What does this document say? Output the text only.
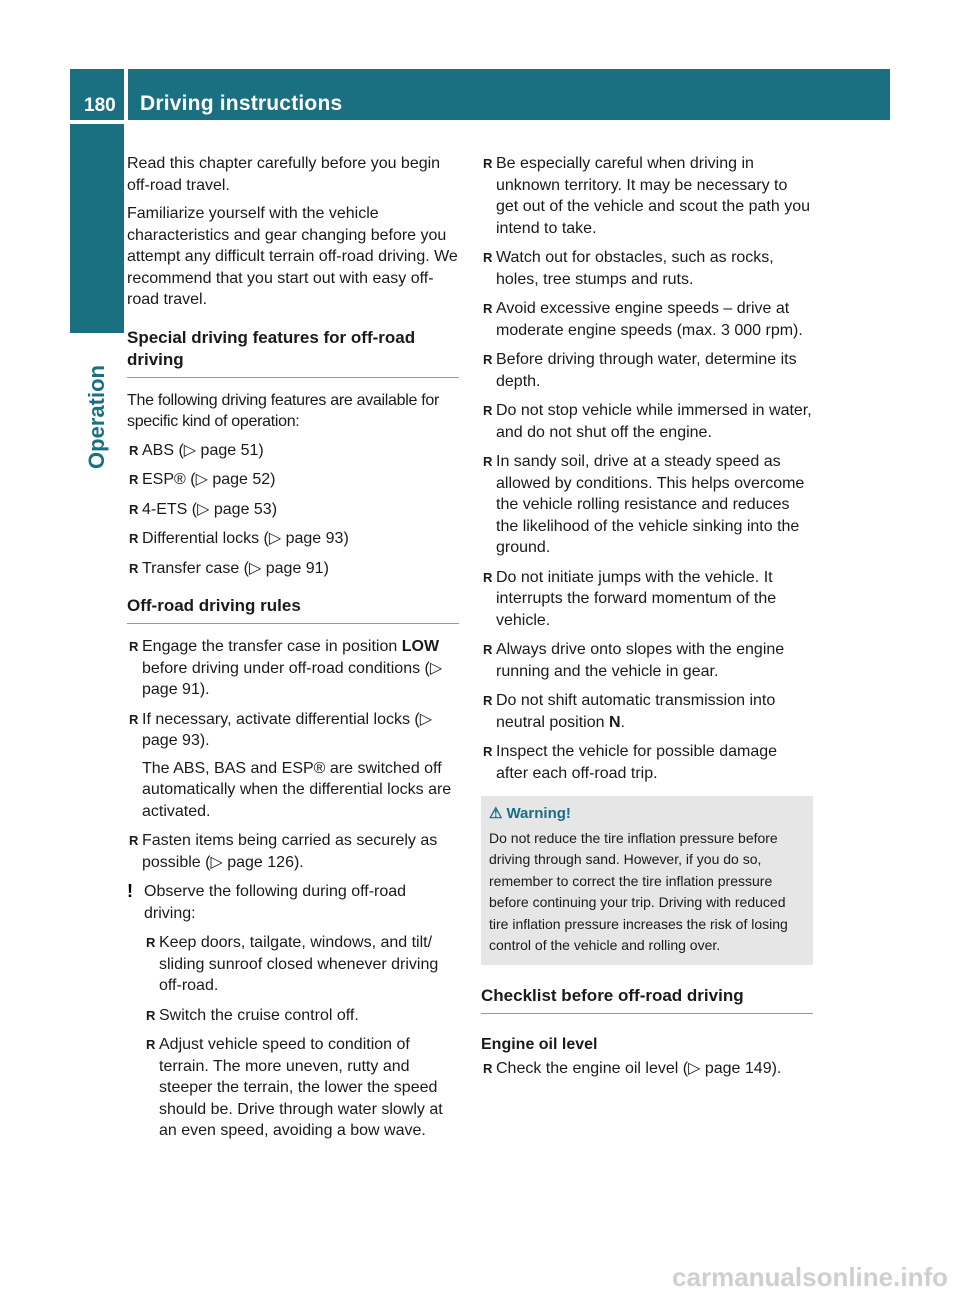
180	Driving instructions
Operation

Read this chapter carefully before you begin off-road travel.

Familiarize yourself with the vehicle characteristics and gear changing before you attempt any difficult terrain off-road driving. We recommend that you start out with easy off-road travel.

Special driving features for off-road driving

The following driving features are available for specific kind of operation:

R ABS (▷ page 51)
R ESP® (▷ page 52)
R 4-ETS (▷ page 53)
R Differential locks (▷ page 93)
R Transfer case (▷ page 91)
Off-road driving rules
R Engage the transfer case in position LOW before driving under off-road conditions (▷ page 91).
R If necessary, activate differential locks (▷ page 93).
The ABS, BAS and ESP® are switched off automatically when the differential locks are activated.
R Fasten items being carried as securely as possible (▷ page 126).
! Observe the following during off-road driving:
R Keep doors, tailgate, windows, and tilt/ sliding sunroof closed whenever driving off-road.
R Switch the cruise control off.
R Adjust vehicle speed to condition of terrain. The more uneven, rutty and steeper the terrain, the lower the speed should be. Drive through water slowly at an even speed, avoiding a bow wave.
R Be especially careful when driving in unknown territory. It may be necessary to get out of the vehicle and scout the path you intend to take.
R Watch out for obstacles, such as rocks, holes, tree stumps and ruts.
R Avoid excessive engine speeds – drive at moderate engine speeds (max. 3 000 rpm).
R Before driving through water, determine its depth.
R Do not stop vehicle while immersed in water, and do not shut off the engine.
R In sandy soil, drive at a steady speed as allowed by conditions. This helps overcome the vehicle rolling resistance and reduces the likelihood of the vehicle sinking into the ground.
R Do not initiate jumps with the vehicle. It interrupts the forward momentum of the vehicle.
R Always drive onto slopes with the engine running and the vehicle in gear.
R Do not shift automatic transmission into neutral position N.
R Inspect the vehicle for possible damage after each off-road trip.
⚠ Warning!
Do not reduce the tire inflation pressure before driving through sand. However, if you do so, remember to correct the tire inflation pressure before continuing your trip. Driving with reduced tire inflation pressure increases the risk of losing control of the vehicle and rolling over.
Checklist before off-road driving
Engine oil level
R Check the engine oil level (▷ page 149).
carmanualsonline.info
